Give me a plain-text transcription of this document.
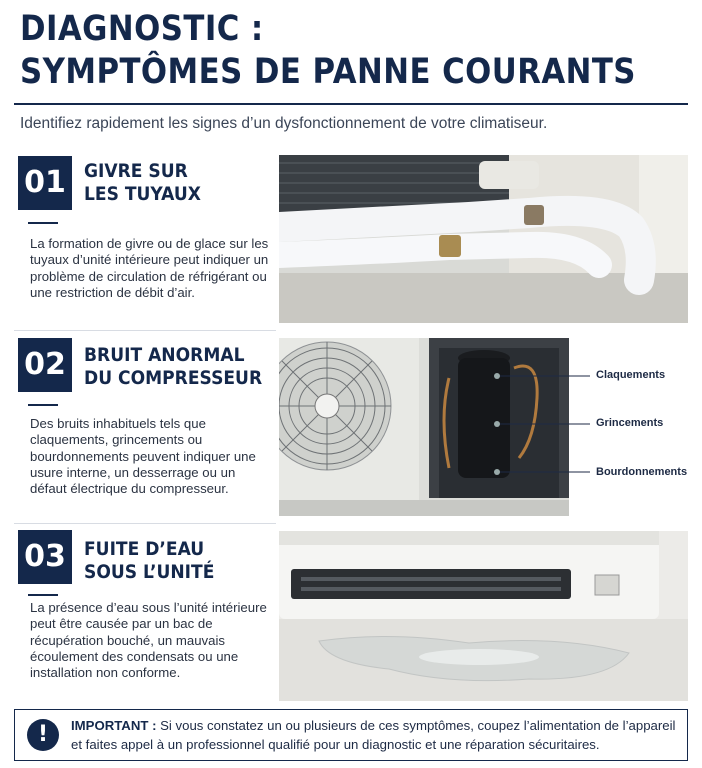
DIAGNOSTIC :
SYMPTÔMES DE PANNE COURANTS
Identifiez rapidement les signes d’un dysfonctionnement de votre climatiseur.
01 GIVRE SUR
LES TUYAUX
La formation de givre ou de glace sur les tuyaux d’unité intérieure peut indiquer un problème de circulation de réfrigérant ou une restriction de débit d’air.
02 BRUIT ANORMAL
DU COMPRESSEUR
Des bruits inhabituels tels que claquements, grincements ou bourdonnements peuvent indiquer une usure interne, un desserrage ou un défaut électrique du compresseur.
Claquements
Grincements
Bourdonnements
03 FUITE D’EAU
SOUS L’UNITÉ
La présence d’eau sous l’unité intérieure peut être causée par un bac de récupération bouché, un mauvais écoulement des condensats ou une installation non conforme.
!	IMPORTANT : Si vous constatez un ou plusieurs de ces symptômes, coupez l’alimentation de l’appareil et faites appel à un professionnel qualifié pour un diagnostic et une réparation sécuritaires.
